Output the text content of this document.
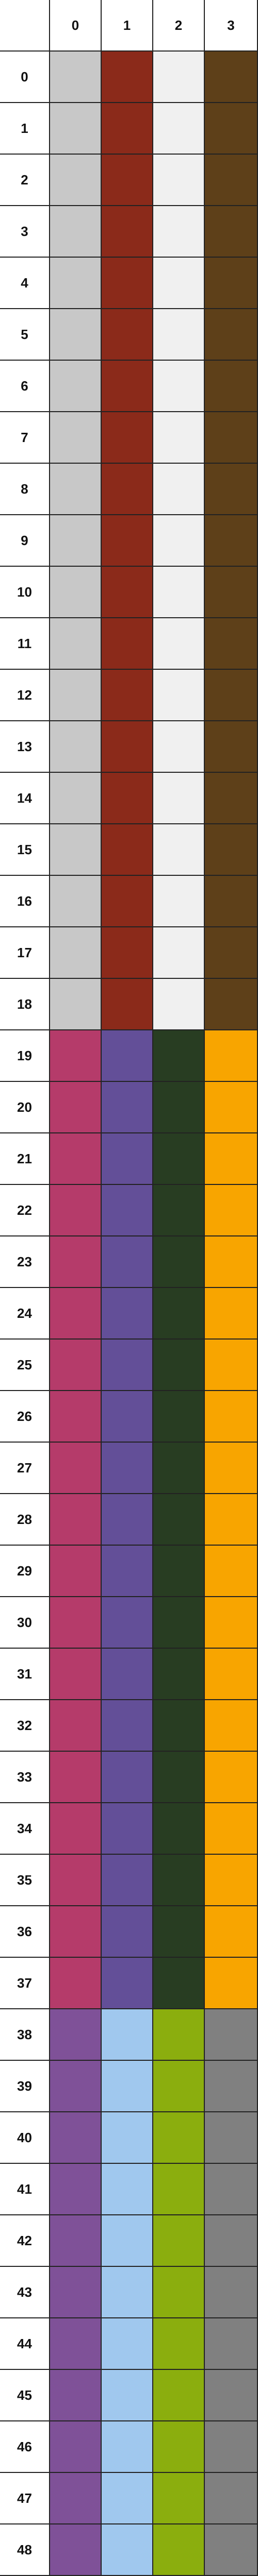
0	1	2	3
0
1
2
3
4
5
6
7
8
9
10
11
12
13
14
15
16
17
18
19
20
21
22
23
24
25
26
27
28
29
30
31
32
33
34
35
36
37
38
39
40
41
42
43
44
45
46
47
48
